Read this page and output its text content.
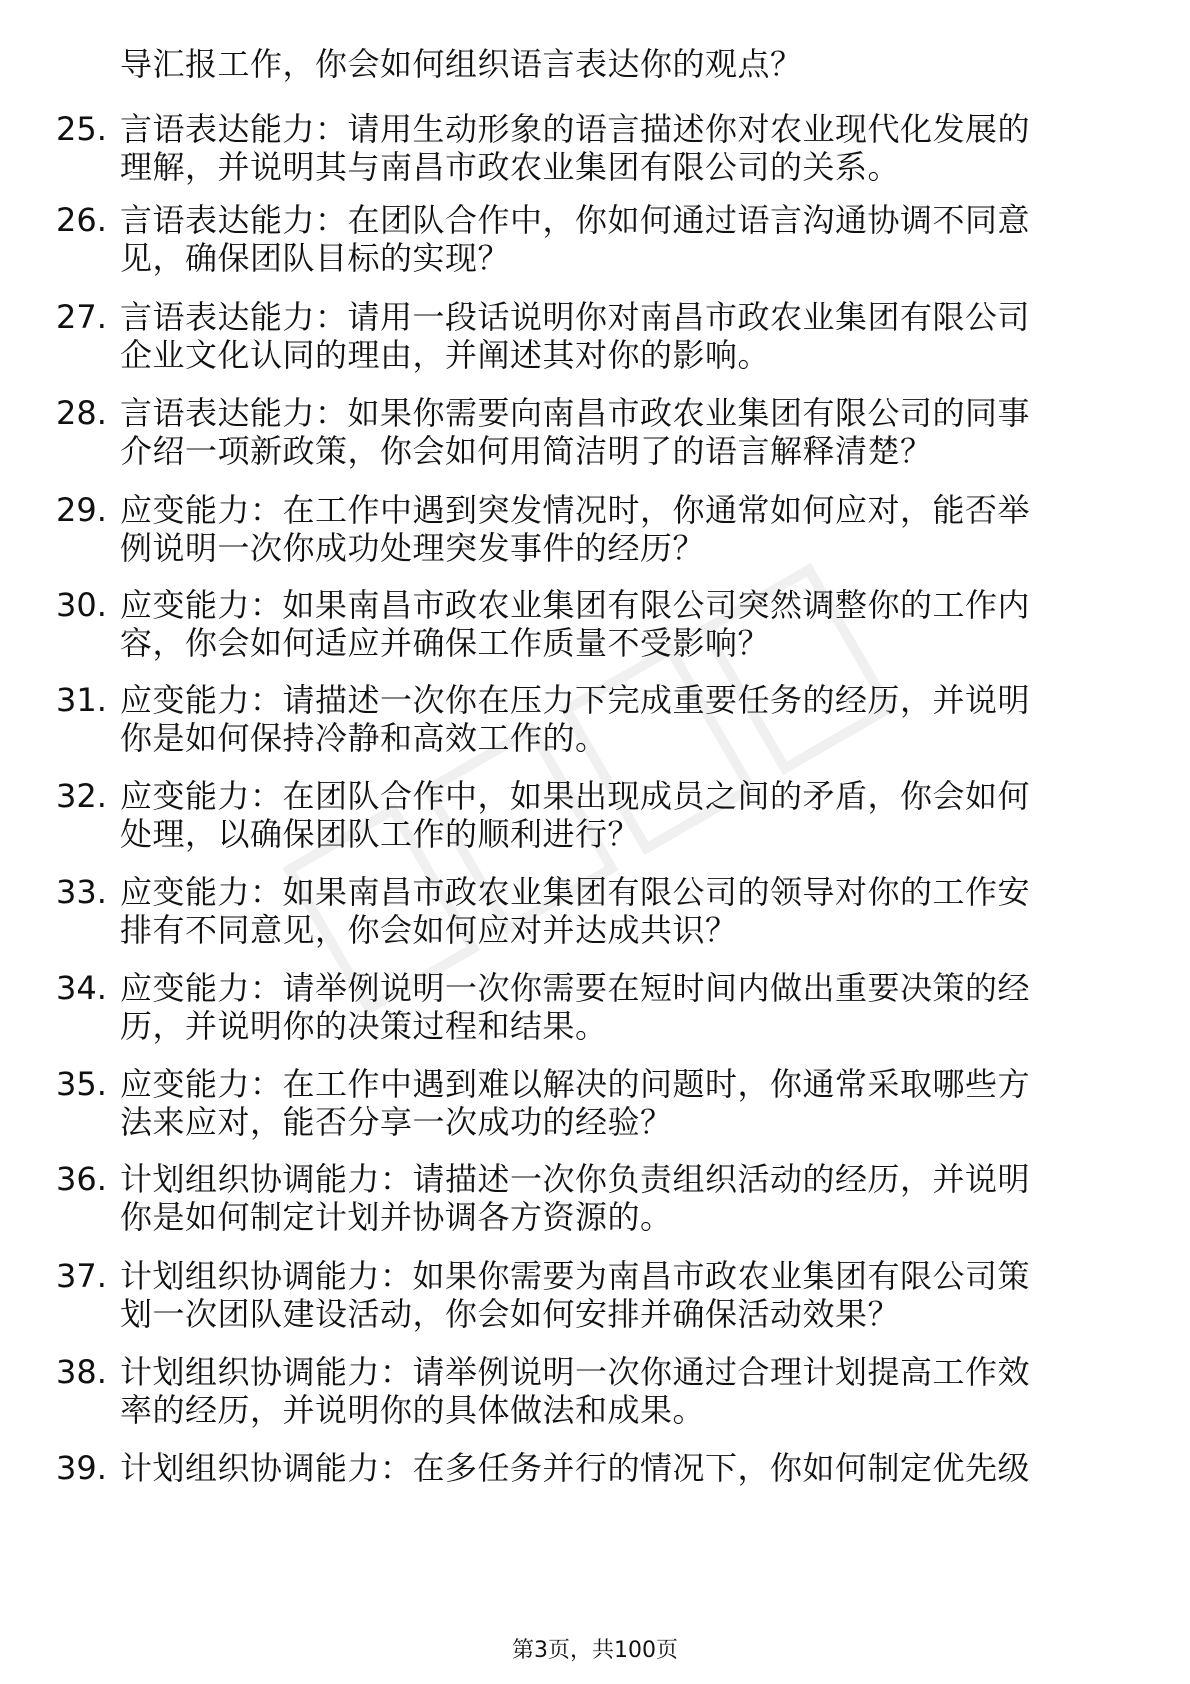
导汇报工作，你会如何组织语言表达你的观点？
25. 言语表达能力：请用生动形象的语言描述你对农业现代化发展的
理解，并说明其与南昌市政农业集团有限公司的关系。
26. 言语表达能力：在团队合作中，你如何通过语言沟通协调不同意
见，确保团队目标的实现？
27. 言语表达能力：请用一段话说明你对南昌市政农业集团有限公司
企业文化认同的理由，并阐述其对你的影响。
28. 言语表达能力：如果你需要向南昌市政农业集团有限公司的同事
介绍一项新政策，你会如何用简洁明了的语言解释清楚？
29. 应变能力：在工作中遇到突发情况时，你通常如何应对，能否举
例说明一次你成功处理突发事件的经历？
30. 应变能力：如果南昌市政农业集团有限公司突然调整你的工作内
容，你会如何适应并确保工作质量不受影响？
31. 应变能力：请描述一次你在压力下完成重要任务的经历，并说明
你是如何保持冷静和高效工作的。
32. 应变能力：在团队合作中，如果出现成员之间的矛盾，你会如何
处理，以确保团队工作的顺利进行？
33. 应变能力：如果南昌市政农业集团有限公司的领导对你的工作安
排有不同意见，你会如何应对并达成共识？
34. 应变能力：请举例说明一次你需要在短时间内做出重要决策的经
历，并说明你的决策过程和结果。
35. 应变能力：在工作中遇到难以解决的问题时，你通常采取哪些方
法来应对，能否分享一次成功的经验？
36. 计划组织协调能力：请描述一次你负责组织活动的经历，并说明
你是如何制定计划并协调各方资源的。
37. 计划组织协调能力：如果你需要为南昌市政农业集团有限公司策
划一次团队建设活动，你会如何安排并确保活动效果？
38. 计划组织协调能力：请举例说明一次你通过合理计划提高工作效
率的经历，并说明你的具体做法和成果。
39. 计划组织协调能力：在多任务并行的情况下，你如何制定优先级
第3页，共100页
